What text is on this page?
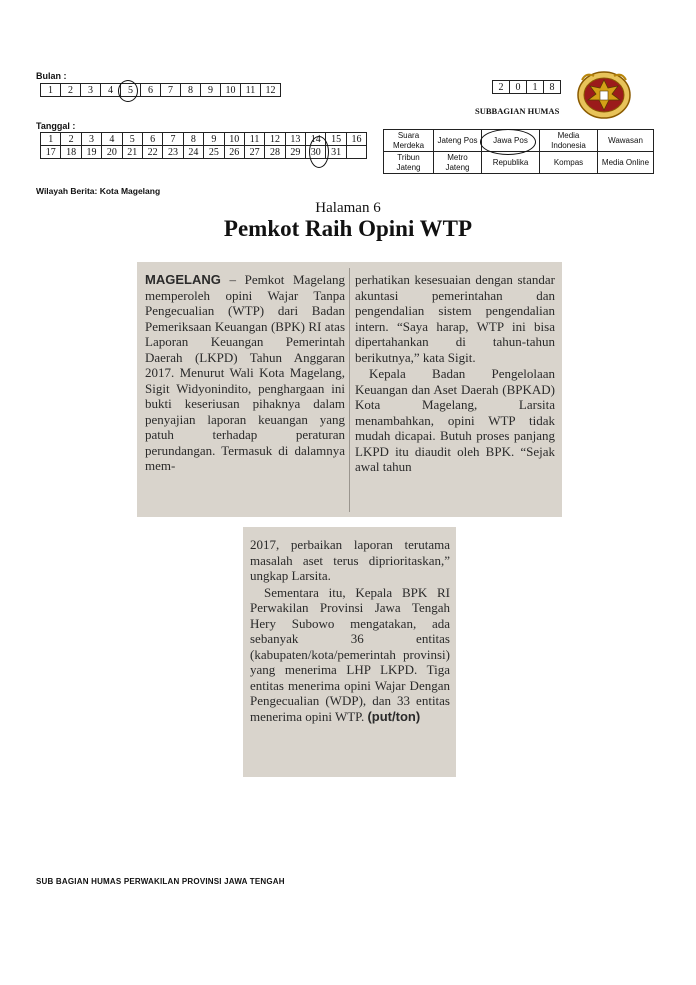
Bulan :
1	2	3	4	5	6	7	8	9	10	11	12	2	0	1	8
SUBBAGIAN HUMAS
Tanggal :
1	2	3	4	5	6	7	8	9	10	11	12	13	14	15	16
17	18	19	20	21	22	23	24	25	26	27	28	29	30	31	
Suara Merdeka	Jateng Pos	Jawa Pos	Media Indonesia	Wawasan
Tribun Jateng	Metro Jateng	Republika	Kompas	Media Online
Wilayah Berita: Kota Magelang
Halaman 6
Pemkot Raih Opini WTP

MAGELANG – Pemkot Magelang memperoleh opini Wajar Tanpa Pengecualian (WTP) dari Badan Pemeriksaan Keuangan (BPK) RI atas Laporan Keuangan Pemerintah Daerah (LKPD) Tahun Anggaran 2017. Menurut Wali Kota Magelang, Sigit Widyonindito, penghargaan ini bukti keseriusan pihaknya dalam penyajian laporan keuangan yang patuh terhadap peraturan perundangan. Termasuk di dalamnya mem-

perhatikan kesesuaian dengan standar akuntasi pemerintahan dan pengendalian sistem pengendalian intern. “Saya harap, WTP ini bisa dipertahankan di tahun-tahun berikutnya,” kata Sigit.

Kepala Badan Pengelolaan Keuangan dan Aset Daerah (BPKAD) Kota Magelang, Larsita menambahkan, opini WTP tidak mudah dicapai. Butuh proses panjang LKPD itu diaudit oleh BPK. “Sejak awal tahun

2017, perbaikan laporan terutama masalah aset terus diprioritaskan,” ungkap Larsita.

Sementara itu, Kepala BPK RI Perwakilan Provinsi Jawa Tengah Hery Subowo mengatakan, ada sebanyak 36 entitas (kabupaten/kota/pemerintah provinsi) yang menerima LHP LKPD. Tiga entitas menerima opini Wajar Dengan Pengecualian (WDP), dan 33 entitas menerima opini WTP. (put/ton)

SUB BAGIAN HUMAS PERWAKILAN PROVINSI JAWA TENGAH
